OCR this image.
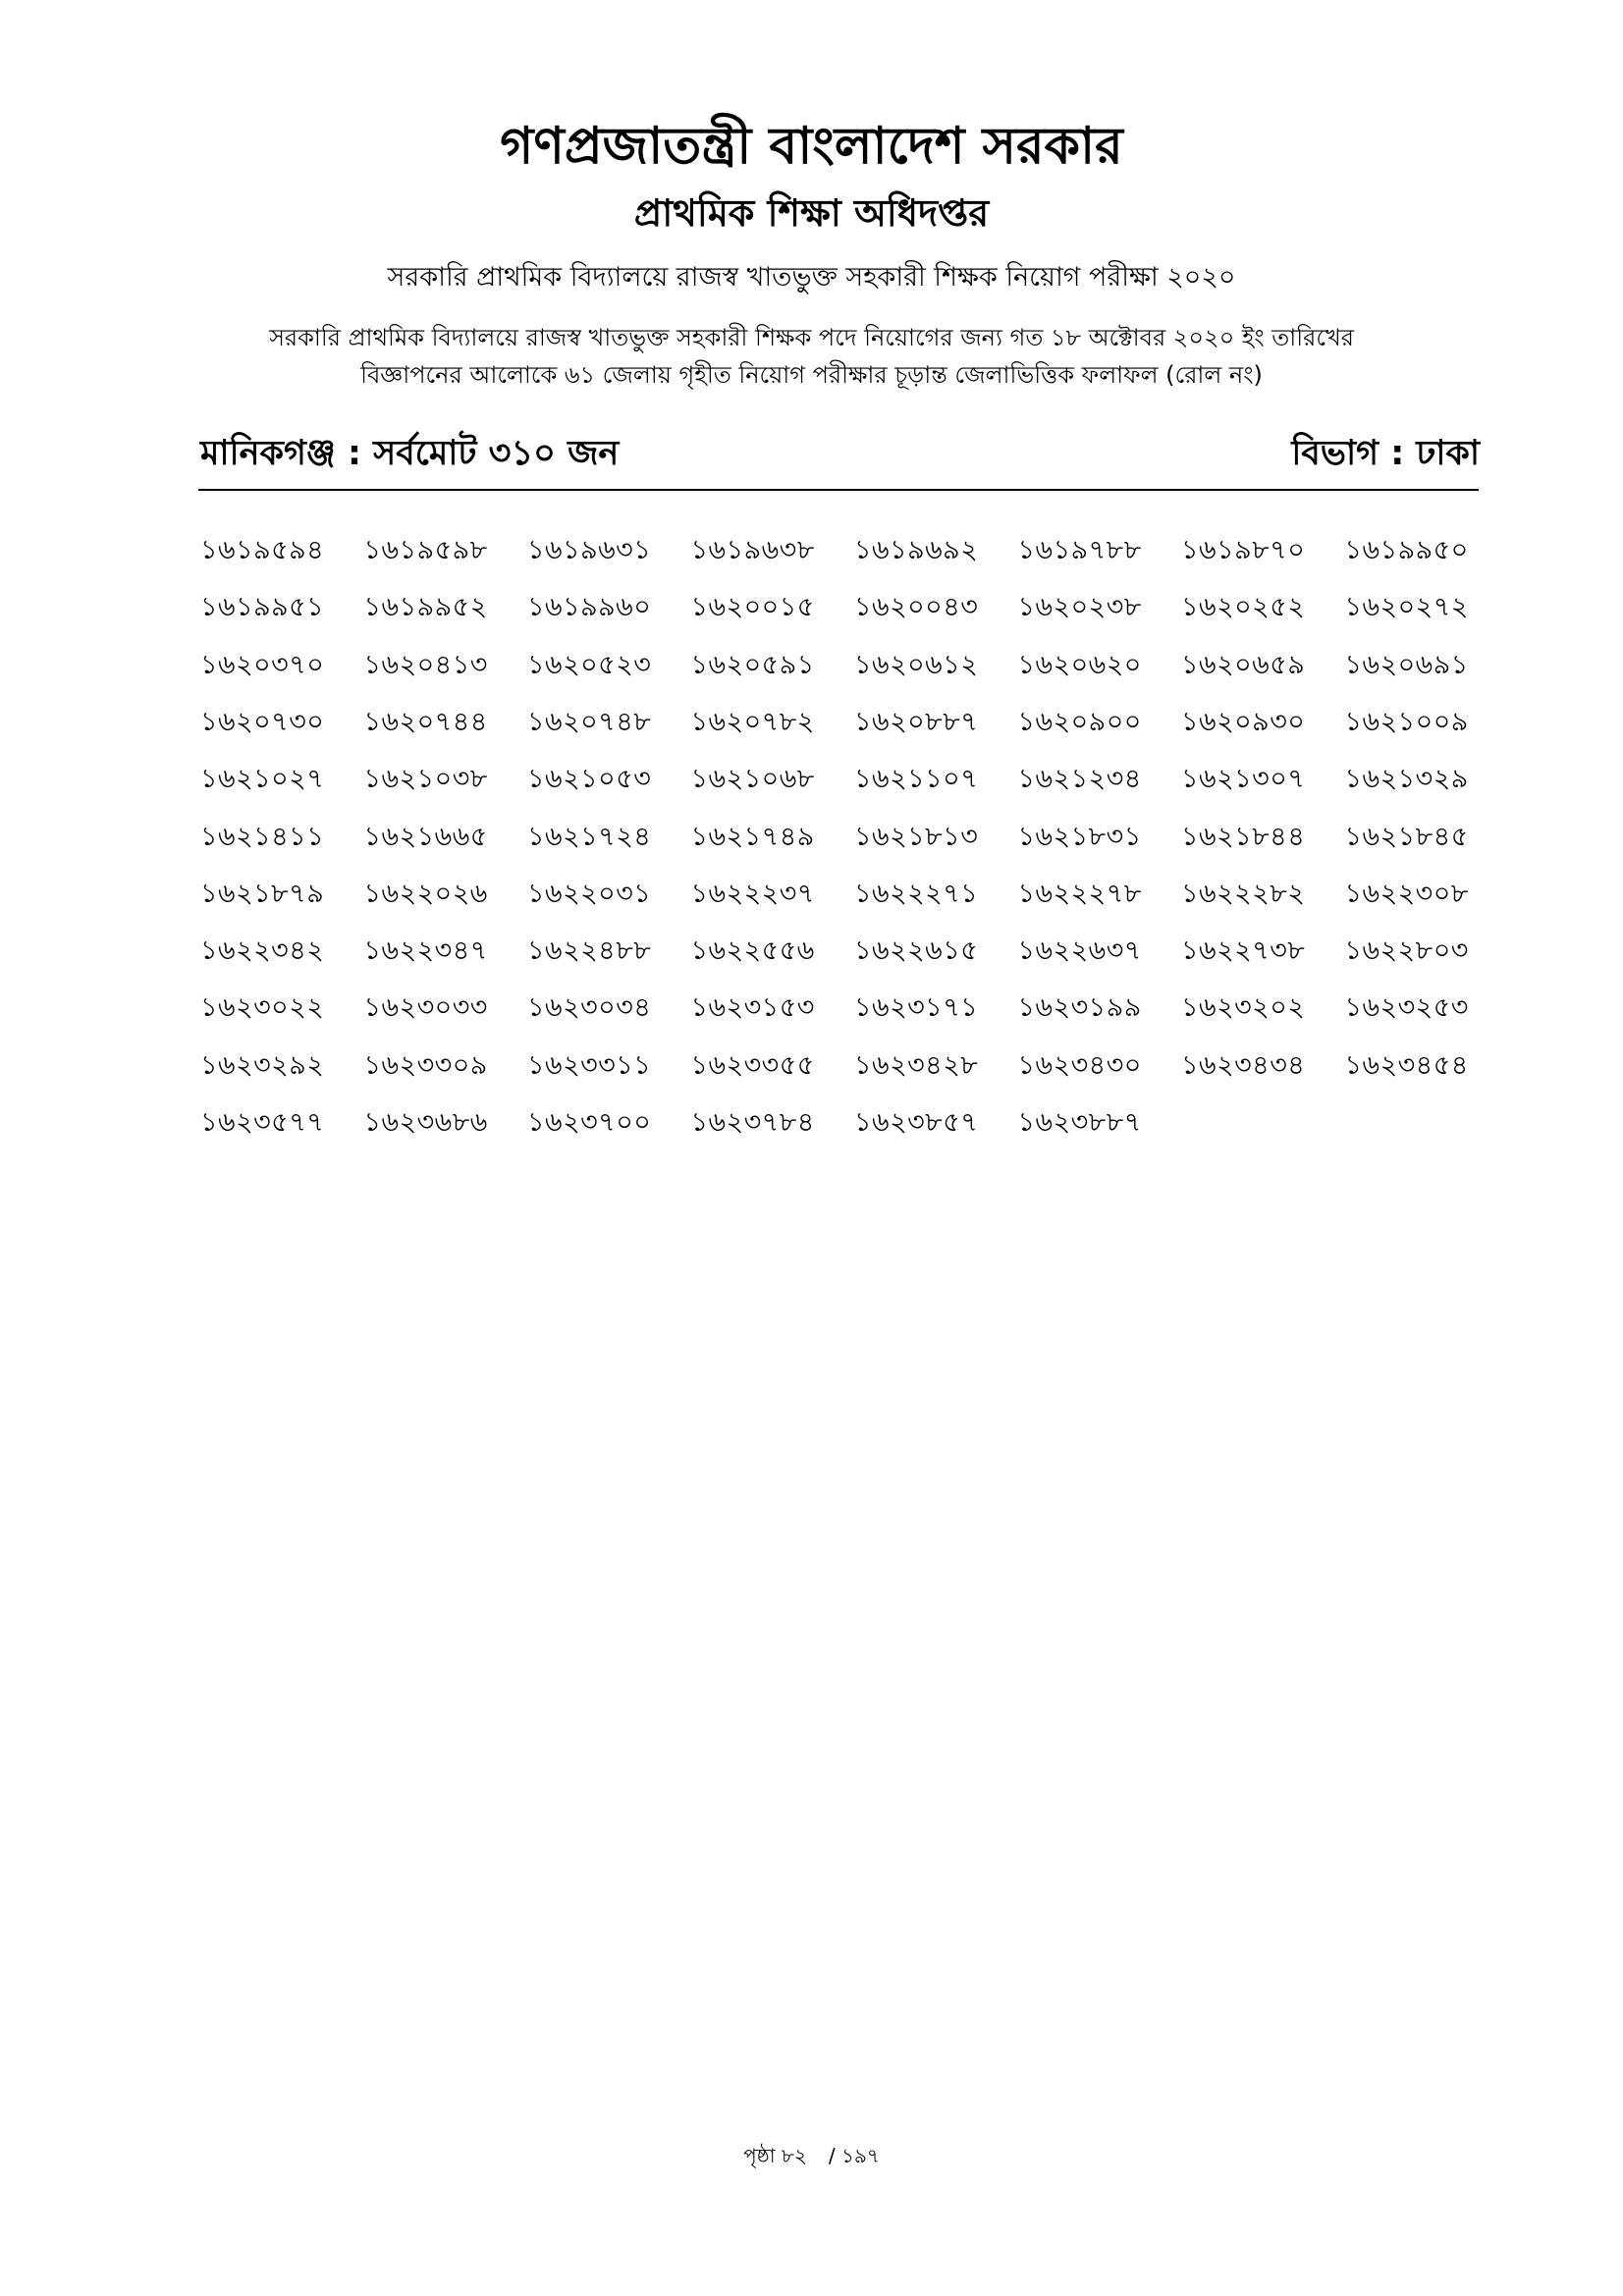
গণপ্রজাতন্ত্রী বাংলাদেশ সরকার
প্রাথমিক শিক্ষা অধিদপ্তর
সরকারি প্রাথমিক বিদ্যালয়ে রাজস্ব খাতভুক্ত সহকারী শিক্ষক নিয়োগ পরীক্ষা ২০২০
সরকারি প্রাথমিক বিদ্যালয়ে রাজস্ব খাতভুক্ত সহকারী শিক্ষক পদে নিয়োগের জন্য গত ১৮ অক্টোবর ২০২০ ইং তারিখের
বিজ্ঞাপনের আলোকে ৬১ জেলায় গৃহীত নিয়োগ পরীক্ষার চূড়ান্ত জেলাভিত্তিক ফলাফল (রোল নং)
মানিকগঞ্জ : সর্বমোট ৩১০ জন	বিভাগ : ঢাকা
১৬১৯৫৯৪ ১৬১৯৫৯৮ ১৬১৯৬৩১ ১৬১৯৬৩৮ ১৬১৯৬৯২ ১৬১৯৭৮৮ ১৬১৯৮৭০ ১৬১৯৯৫০
১৬১৯৯৫১ ১৬১৯৯৫২ ১৬১৯৯৬০ ১৬২০০১৫ ১৬২০০৪৩ ১৬২০২৩৮ ১৬২০২৫২ ১৬২০২৭২
১৬২০৩৭০ ১৬২০৪১৩ ১৬২০৫২৩ ১৬২০৫৯১ ১৬২০৬১২ ১৬২০৬২০ ১৬২০৬৫৯ ১৬২০৬৯১
১৬২০৭৩০ ১৬২০৭৪৪ ১৬২০৭৪৮ ১৬২০৭৮২ ১৬২০৮৮৭ ১৬২০৯০০ ১৬২০৯৩০ ১৬২১০০৯
১৬২১০২৭ ১৬২১০৩৮ ১৬২১০৫৩ ১৬২১০৬৮ ১৬২১১০৭ ১৬২১২৩৪ ১৬২১৩০৭ ১৬২১৩২৯
১৬২১৪১১ ১৬২১৬৬৫ ১৬২১৭২৪ ১৬২১৭৪৯ ১৬২১৮১৩ ১৬২১৮৩১ ১৬২১৮৪৪ ১৬২১৮৪৫
১৬২১৮৭৯ ১৬২২০২৬ ১৬২২০৩১ ১৬২২২৩৭ ১৬২২২৭১ ১৬২২২৭৮ ১৬২২২৮২ ১৬২২৩০৮
১৬২২৩৪২ ১৬২২৩৪৭ ১৬২২৪৮৮ ১৬২২৫৫৬ ১৬২২৬১৫ ১৬২২৬৩৭ ১৬২২৭৩৮ ১৬২২৮০৩
১৬২৩০২২ ১৬২৩০৩৩ ১৬২৩০৩৪ ১৬২৩১৫৩ ১৬২৩১৭১ ১৬২৩১৯৯ ১৬২৩২০২ ১৬২৩২৫৩
১৬২৩২৯২ ১৬২৩৩০৯ ১৬২৩৩১১ ১৬২৩৩৫৫ ১৬২৩৪২৮ ১৬২৩৪৩০ ১৬২৩৪৩৪ ১৬২৩৪৫৪
১৬২৩৫৭৭ ১৬২৩৬৮৬ ১৬২৩৭০০ ১৬২৩৭৮৪ ১৬২৩৮৫৭ ১৬২৩৮৮৭
পৃষ্ঠা ৮২ / ১৯৭
